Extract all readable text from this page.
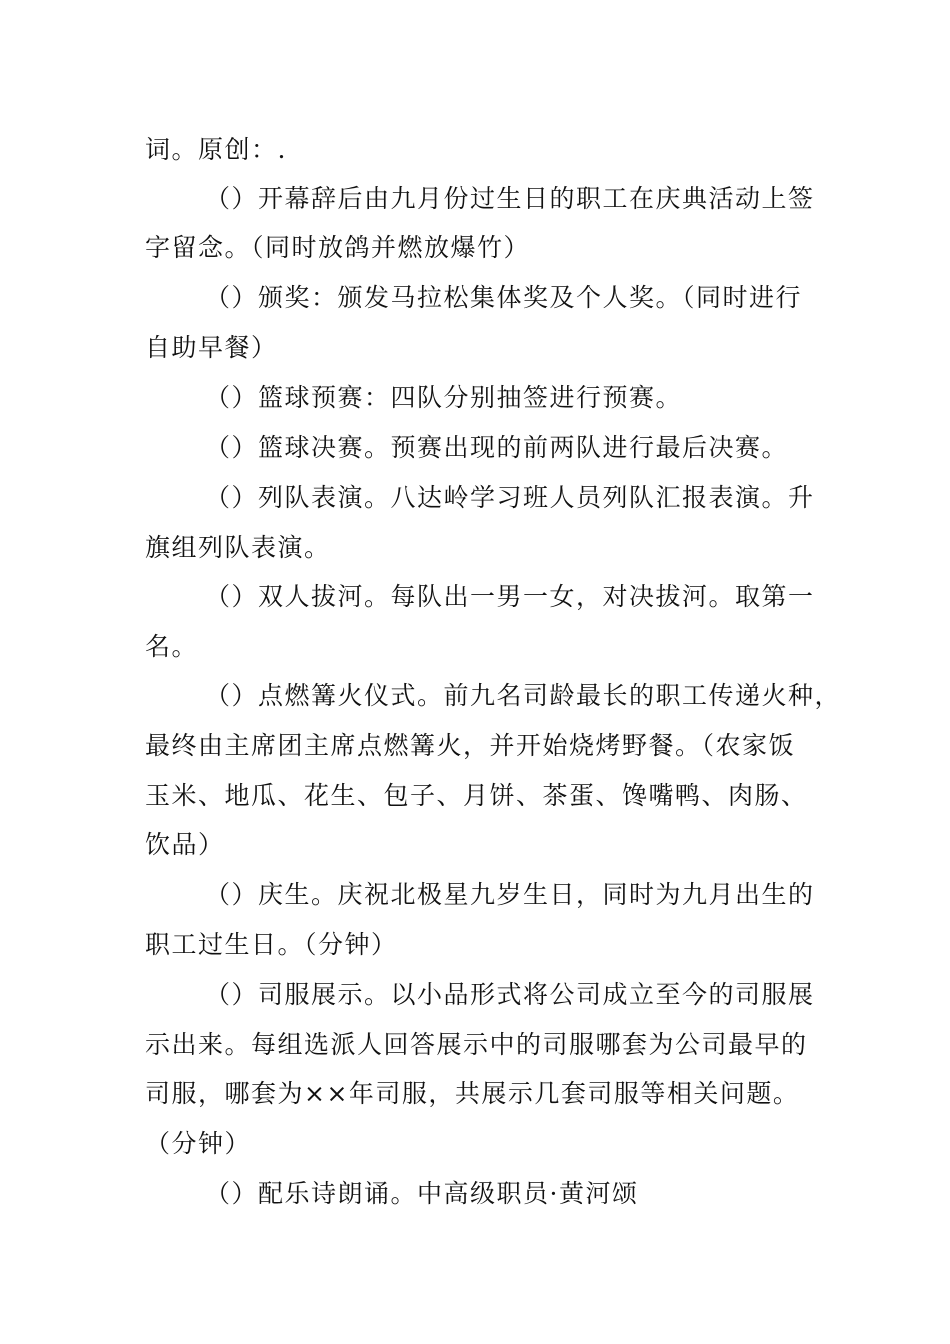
词。原创：.
（）开幕辞后由九月份过生日的职工在庆典活动上签
字留念。（同时放鸽并燃放爆竹）
（）颁奖：颁发马拉松集体奖及个人奖。（同时进行
自助早餐）
（）篮球预赛：四队分别抽签进行预赛。
（）篮球决赛。预赛出现的前两队进行最后决赛。
（）列队表演。八达岭学习班人员列队汇报表演。升
旗组列队表演。
（）双人拔河。每队出一男一女，对决拔河。取第一
名。
（）点燃篝火仪式。前九名司龄最长的职工传递火种，
最终由主席团主席点燃篝火，并开始烧烤野餐。（农家饭
玉米、地瓜、花生、包子、月饼、茶蛋、馋嘴鸭、肉肠、
饮品）
（）庆生。庆祝北极星九岁生日，同时为九月出生的
职工过生日。（分钟）
（）司服展示。以小品形式将公司成立至今的司服展
示出来。每组选派人回答展示中的司服哪套为公司最早的
司服，哪套为××年司服，共展示几套司服等相关问题。
（分钟）
（）配乐诗朗诵。中高级职员·黄河颂
